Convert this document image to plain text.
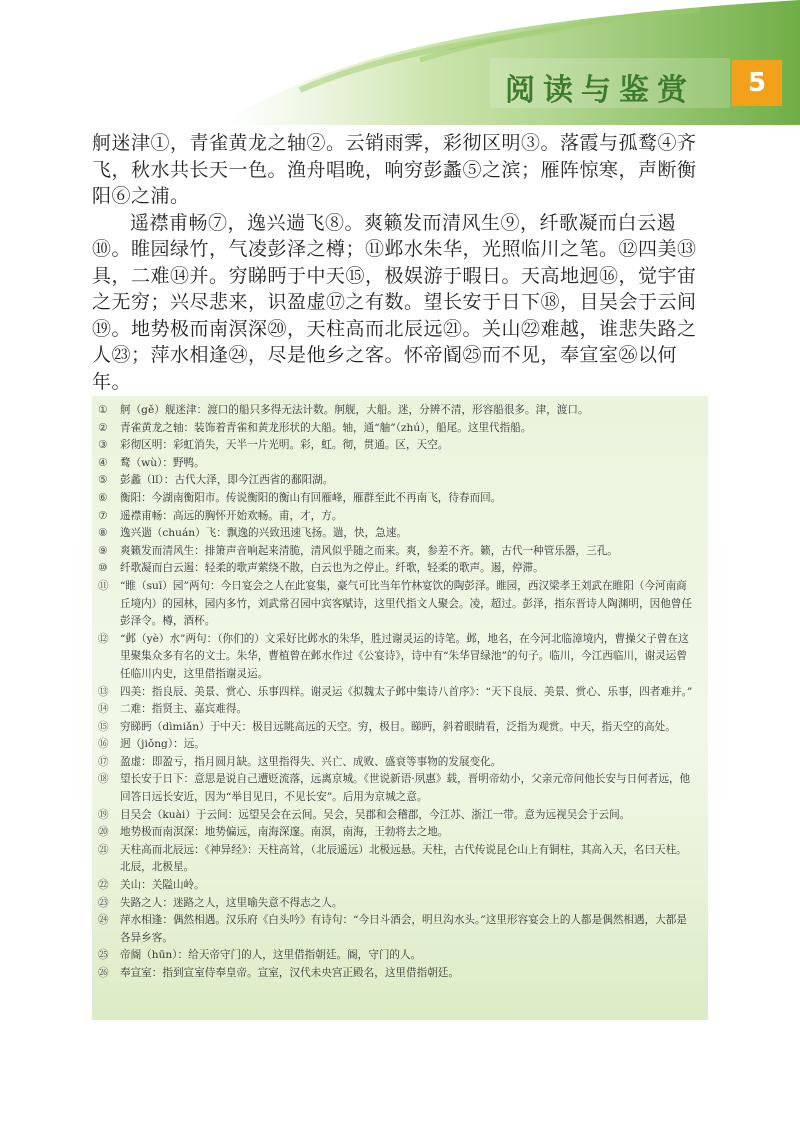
阅读与鉴赏	5

舸迷津①，青雀黄龙之轴②。云销雨霁，彩彻区明③。落霞与孤鹜④齐飞，秋水共长天一色。渔舟唱晚，响穷彭蠡⑤之滨；雁阵惊寒，声断衡阳⑥之浦。

遥襟甫畅⑦，逸兴遄飞⑧。爽籁发而清风生⑨，纤歌凝而白云遏⑩。睢园绿竹，气凌彭泽之樽；⑪邺水朱华，光照临川之笔。⑫四美⑬具，二难⑭并。穷睇眄于中天⑮，极娱游于暇日。天高地迥⑯，觉宇宙之无穷；兴尽悲来，识盈虚⑰之有数。望长安于日下⑱，目吴会于云间⑲。地势极而南溟深⑳，天柱高而北辰远㉑。关山㉒难越，谁悲失路之人㉓；萍水相逢㉔，尽是他乡之客。怀帝阍㉕而不见，奉宣室㉖以何年。

①	舸（gě）舰迷津：渡口的船只多得无法计数。舸舰，大船。迷，分辨不清，形容船很多。津，渡口。
②	青雀黄龙之轴：装饰着青雀和黄龙形状的大船。轴，通“舳”（zhú），船尾。这里代指船。
③	彩彻区明：彩虹消失，天半一片光明。彩，虹。彻，贯通。区，天空。
④	鹜（wù）：野鸭。
⑤	彭蠡（lǐ）：古代大泽，即今江西省的鄱阳湖。
⑥	衡阳：今湖南衡阳市。传说衡阳的衡山有回雁峰，雁群至此不再南飞，待春而回。
⑦	遥襟甫畅：高远的胸怀开始欢畅。甫，才，方。
⑧	逸兴遄（chuán）飞：飘逸的兴致迅速飞扬。遄，快，急速。
⑨	爽籁发而清风生：排箫声音响起来清脆，清风似乎随之而来。爽，参差不齐。籁，古代一种管乐器，三孔。
⑩	纤歌凝而白云遏：轻柔的歌声萦绕不散，白云也为之停止。纤歌，轻柔的歌声。遏，停滞。
⑪	“睢（suī）园”两句：今日宴会之人在此宴集，豪气可比当年竹林宴饮的陶彭泽。睢园，西汉梁孝王刘武在睢阳（今河南商丘境内）的园林，园内多竹，刘武常召园中宾客赋诗，这里代指文人聚会。凌，超过。彭泽，指东晋诗人陶渊明，因他曾任彭泽令。樽，酒杯。
⑫	“邺（yè）水”两句：（你们的）文采好比邺水的朱华，胜过谢灵运的诗笔。邺，地名，在今河北临漳境内，曹操父子曾在这里聚集众多有名的文士。朱华，曹植曾在邺水作过《公宴诗》，诗中有“朱华冒绿池”的句子。临川，今江西临川，谢灵运曾任临川内史，这里借指谢灵运。
⑬	四美：指良辰、美景、赏心、乐事四样。谢灵运《拟魏太子邺中集诗八首序》：“天下良辰、美景、赏心、乐事，四者难并。”
⑭	二难：指贤主、嘉宾难得。
⑮	穷睇眄（dìmiǎn）于中天：极目远眺高远的天空。穷，极目。睇眄，斜着眼睛看，泛指为观赏。中天，指天空的高处。
⑯	迥（jiǒng）：远。
⑰	盈虚：即盈亏，指月圆月缺。这里指得失、兴亡、成败、盛衰等事物的发展变化。
⑱	望长安于日下：意思是说自己遭贬流落，远离京城。《世说新语·夙惠》载，晋明帝幼小，父亲元帝问他长安与日何者远，他回答日远长安近，因为“举目见日，不见长安”。后用为京城之意。
⑲	目吴会（kuài）于云间：远望吴会在云间。吴会，吴郡和会稽郡，今江苏、浙江一带。意为远视吴会于云间。
⑳	地势极而南溟深：地势偏远，南海深邃。南溟，南海，王勃将去之地。
㉑	天柱高而北辰远：《神异经》：天柱高耸，（北辰遥远）北极远悬。天柱，古代传说昆仑山上有铜柱，其高入天，名曰天柱。北辰，北极星。
㉒	关山：关隘山岭。
㉓	失路之人：迷路之人，这里喻失意不得志之人。
㉔	萍水相逢：偶然相遇。汉乐府《白头吟》有诗句：“今日斗酒会，明旦沟水头。”这里形容宴会上的人都是偶然相遇，大都是各异乡客。
㉕	帝阍（hūn）：给天帝守门的人，这里借指朝廷。阍，守门的人。
㉖	奉宣室：指到宣室侍奉皇帝。宣室，汉代未央宫正殿名，这里借指朝廷。
